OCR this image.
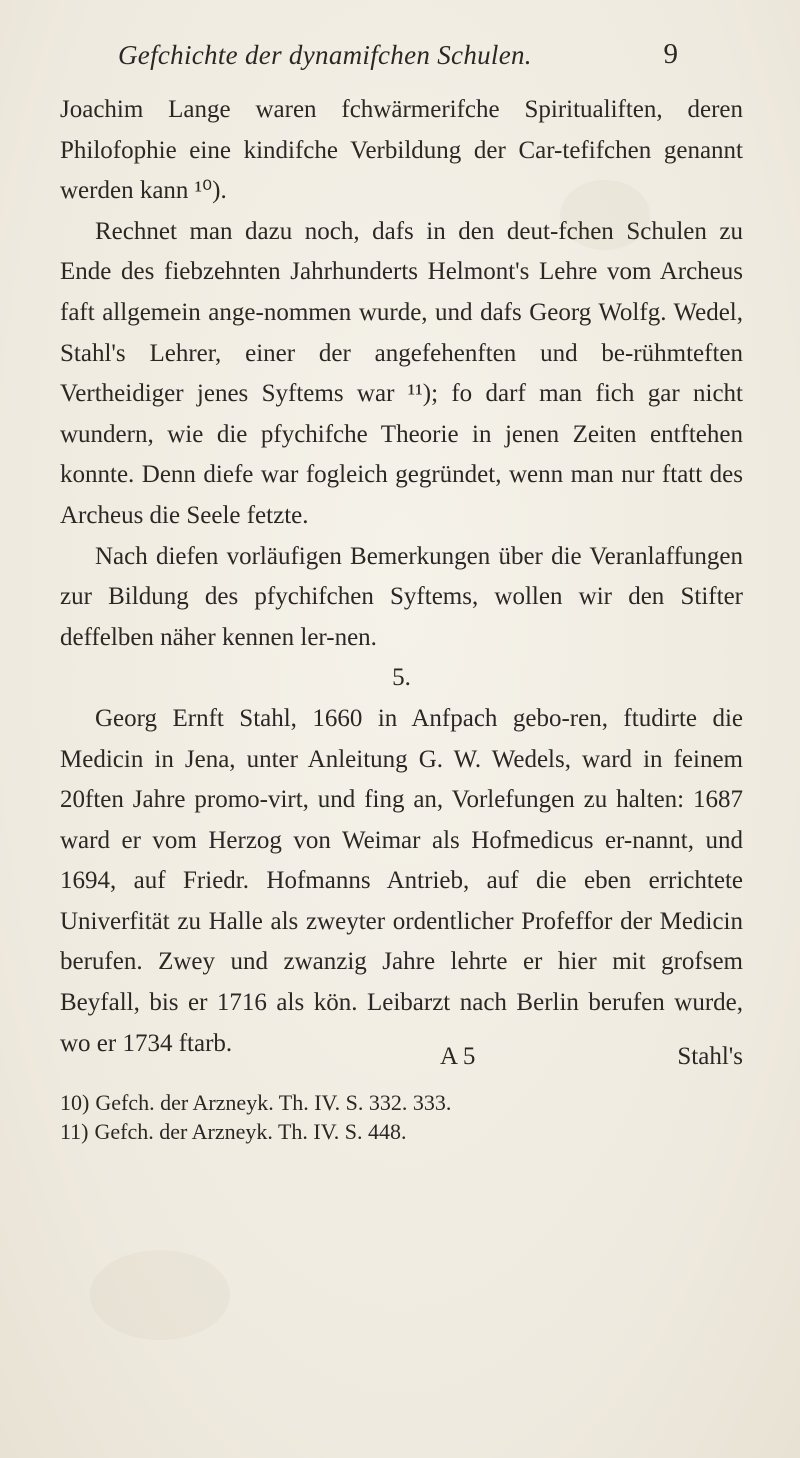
Gefchichte der dynamifchen Schulen.	9

Joachim Lange waren fchwärmerifche Spiritualiften, deren Philofophie eine kindifche Verbildung der Car-tefifchen genannt werden kann ¹⁰).

Rechnet man dazu noch, dafs in den deut-fchen Schulen zu Ende des fiebzehnten Jahrhunderts Helmont's Lehre vom Archeus faft allgemein ange-nommen wurde, und dafs Georg Wolfg. Wedel, Stahl's Lehrer, einer der angefehenften und be-rühmteften Vertheidiger jenes Syftems war ¹¹); fo darf man fich gar nicht wundern, wie die pfychifche Theorie in jenen Zeiten entftehen konnte. Denn diefe war fogleich gegründet, wenn man nur ftatt des Archeus die Seele fetzte.

Nach diefen vorläufigen Bemerkungen über die Veranlaffungen zur Bildung des pfychifchen Syftems, wollen wir den Stifter deffelben näher kennen ler-nen.

5.

Georg Ernft Stahl, 1660 in Anfpach gebo-ren, ftudirte die Medicin in Jena, unter Anleitung G. W. Wedels, ward in feinem 20ften Jahre promo-virt, und fing an, Vorlefungen zu halten: 1687 ward er vom Herzog von Weimar als Hofmedicus er-nannt, und 1694, auf Friedr. Hofmanns Antrieb, auf die eben errichtete Univerfität zu Halle als zweyter ordentlicher Profeffor der Medicin berufen. Zwey und zwanzig Jahre lehrte er hier mit grofsem Beyfall, bis er 1716 als kön. Leibarzt nach Berlin berufen wurde, wo er 1734 ftarb.	A 5	Stahl's

10) Gefch. der Arzneyk. Th. IV. S. 332. 333.

11) Gefch. der Arzneyk. Th. IV. S. 448.
